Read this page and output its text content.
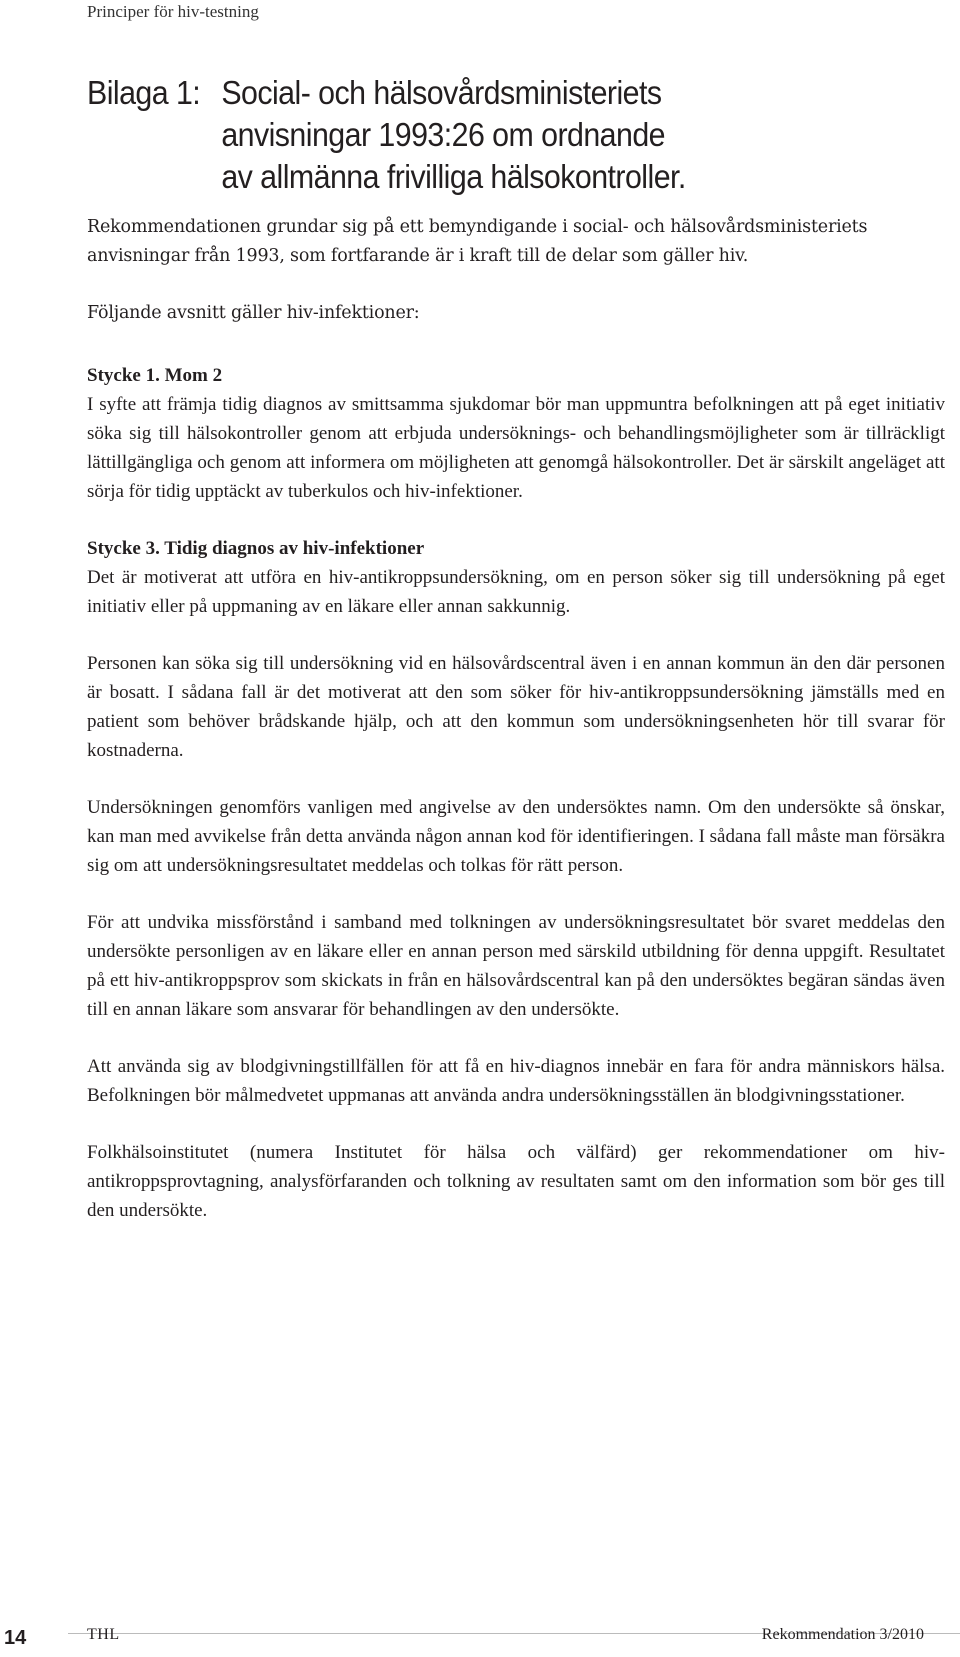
Principer för hiv-testning
Bilaga 1: Social- och hälsovårdsministeriets anvisningar 1993:26 om ordnande av allmänna frivilliga hälsokontroller.

Rekommendationen grundar sig på ett bemyndigande i social- och hälsovårdsministeriets anvisningar från 1993, som fortfarande är i kraft till de delar som gäller hiv.

Följande avsnitt gäller hiv-infektioner:

Stycke 1. Mom 2

I syfte att främja tidig diagnos av smittsamma sjukdomar bör man uppmuntra befolkningen att på eget initiativ söka sig till hälsokontroller genom att erbjuda undersöknings- och behandlingsmöjligheter som är tillräckligt lättillgängliga och genom att informera om möjligheten att genomgå hälsokontroller. Det är särskilt angeläget att sörja för tidig upptäckt av tuberkulos och hiv-infektioner.

Stycke 3. Tidig diagnos av hiv-infektioner

Det är motiverat att utföra en hiv-antikroppsundersökning, om en person söker sig till undersökning på eget initiativ eller på uppmaning av en läkare eller annan sakkunnig.

Personen kan söka sig till undersökning vid en hälsovårdscentral även i en annan kommun än den där personen är bosatt. I sådana fall är det motiverat att den som söker för hiv-antikroppsundersökning jämställs med en patient som behöver brådskande hjälp, och att den kommun som undersökningsenheten hör till svarar för kostnaderna.

Undersökningen genomförs vanligen med angivelse av den undersöktes namn. Om den undersökte så önskar, kan man med avvikelse från detta använda någon annan kod för identifieringen. I sådana fall måste man försäkra sig om att undersökningsresultatet meddelas och tolkas för rätt person.

För att undvika missförstånd i samband med tolkningen av undersökningsresultatet bör svaret meddelas den undersökte personligen av en läkare eller en annan person med särskild utbildning för denna uppgift. Resultatet på ett hiv-antikroppsprov som skickats in från en hälsovårdscentral kan på den undersöktes begäran sändas även till en annan läkare som ansvarar för behandlingen av den undersökte.

Att använda sig av blodgivningstillfällen för att få en hiv-diagnos innebär en fara för andra människors hälsa. Befolkningen bör målmedvetet uppmanas att använda andra undersökningsställen än blodgivningsstationer.

Folkhälsoinstitutet (numera Institutet för hälsa och välfärd) ger rekommendationer om hiv-antikroppsprovtagning, analysförfaranden och tolkning av resultaten samt om den information som bör ges till den undersökte.

14	THL	Rekommendation 3/2010
